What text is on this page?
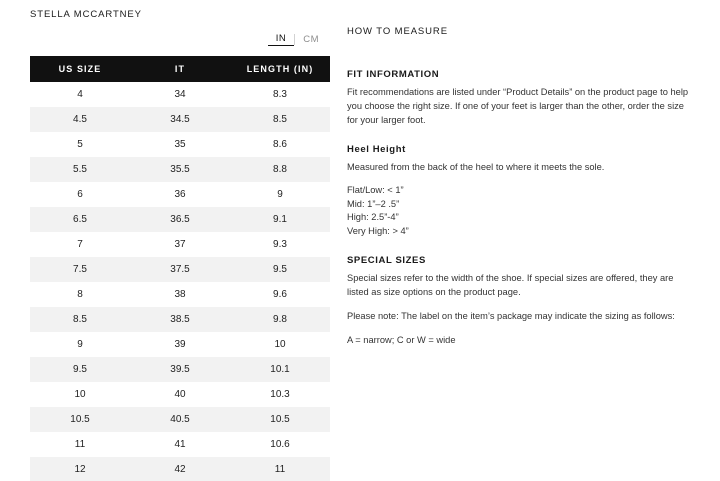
STELLA MCCARTNEY
IN	CM
US SIZE	IT	LENGTH (IN)
4	34	8.3
4.5	34.5	8.5
5	35	8.6
5.5	35.5	8.8
6	36	9
6.5	36.5	9.1
7	37	9.3
7.5	37.5	9.5
8	38	9.6
8.5	38.5	9.8
9	39	10
9.5	39.5	10.1
10	40	10.3
10.5	40.5	10.5
11	41	10.6
12	42	11
HOW TO MEASURE
FIT INFORMATION

Fit recommendations are listed under “Product Details” on the product page to help you choose the right size. If one of your feet is larger than the other, order the size for your larger foot.

Heel Height

Measured from the back of the heel to where it meets the sole.

Flat/Low: < 1”

Mid: 1”–2 .5”

High: 2.5”-4”

Very High: > 4”

SPECIAL SIZES

Special sizes refer to the width of the shoe. If special sizes are offered, they are listed as size options on the product page.

Please note: The label on the item’s package may indicate the sizing as follows:

A = narrow; C or W = wide
